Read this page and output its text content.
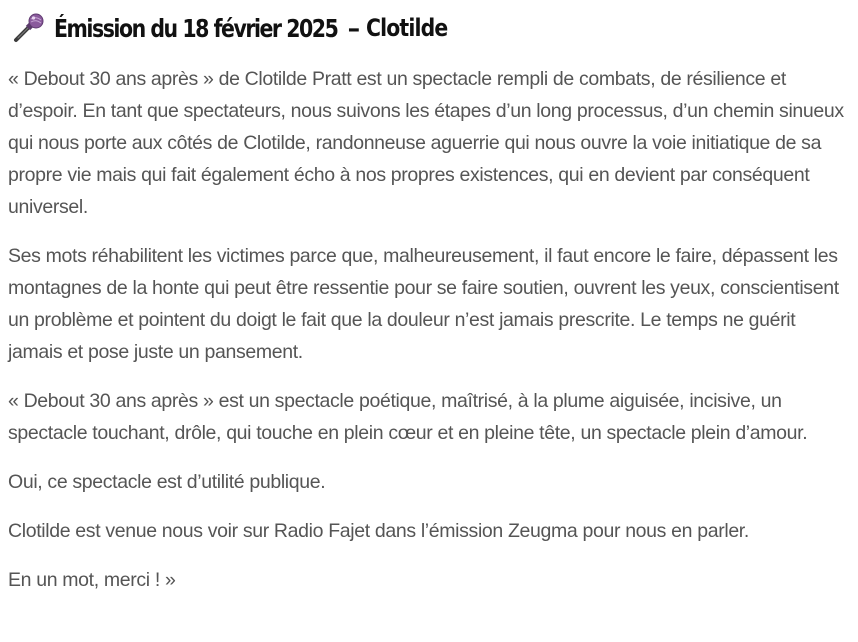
Émission du 18 février 2025 – Clotilde

« Debout 30 ans après » de Clotilde Pratt est un spectacle rempli de combats, de résilience et d’espoir. En tant que spectateurs, nous suivons les étapes d’un long processus, d’un chemin sinueux qui nous porte aux côtés de Clotilde, randonneuse aguerrie qui nous ouvre la voie initiatique de sa propre vie mais qui fait également écho à nos propres existences, qui en devient par conséquent universel.

Ses mots réhabilitent les victimes parce que, malheureusement, il faut encore le faire, dépassent les montagnes de la honte qui peut être ressentie pour se faire soutien, ouvrent les yeux, conscientisent un problème et pointent du doigt le fait que la douleur n’est jamais prescrite. Le temps ne guérit jamais et pose juste un pansement.

« Debout 30 ans après » est un spectacle poétique, maîtrisé, à la plume aiguisée, incisive, un spectacle touchant, drôle, qui touche en plein cœur et en pleine tête, un spectacle plein d’amour.

Oui, ce spectacle est d’utilité publique.

Clotilde est venue nous voir sur Radio Fajet dans l’émission Zeugma pour nous en parler.

En un mot, merci ! »
